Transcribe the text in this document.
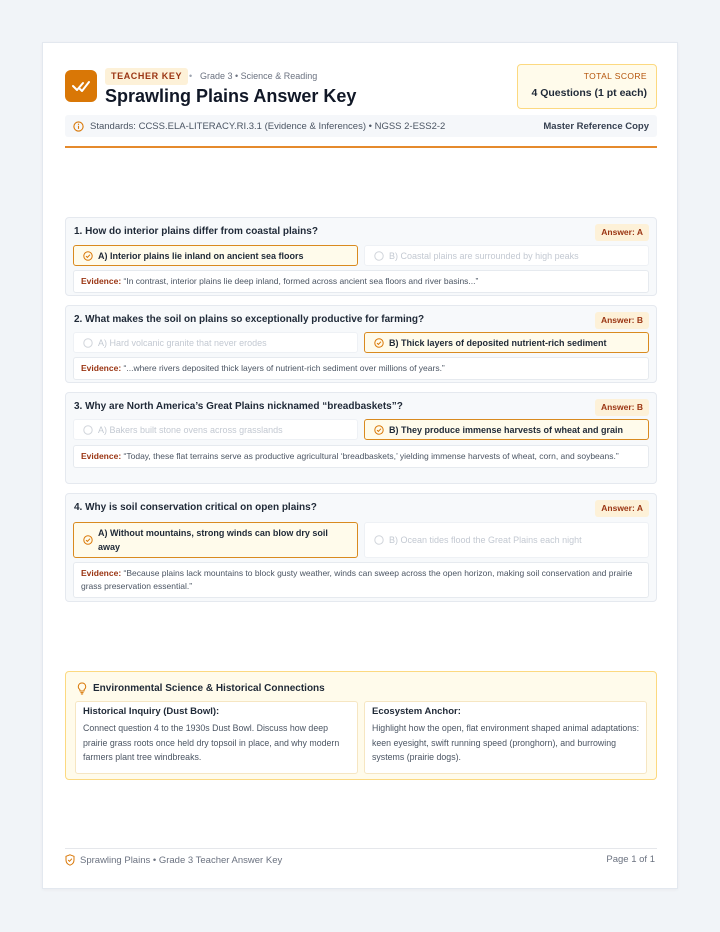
TEACHER KEY • Grade 3 • Science & Reading
Sprawling Plains Answer Key
TOTAL SCORE
4 Questions (1 pt each)
Standards: CCSS.ELA-LITERACY.RI.3.1 (Evidence & Inferences) • NGSS 2-ESS2-2	Master Reference Copy
1. How do interior plains differ from coastal plains?	Answer: A
A) Interior plains lie inland on ancient sea floors	B) Coastal plains are surrounded by high peaks
Evidence: “In contrast, interior plains lie deep inland, formed across ancient sea floors and river basins...”
2. What makes the soil on plains so exceptionally productive for farming?	Answer: B
A) Hard volcanic granite that never erodes	B) Thick layers of deposited nutrient-rich sediment
Evidence: “...where rivers deposited thick layers of nutrient-rich sediment over millions of years.”
3. Why are North America’s Great Plains nicknamed “breadbaskets”?	Answer: B
A) Bakers built stone ovens across grasslands	B) They produce immense harvests of wheat and grain
Evidence: “Today, these flat terrains serve as productive agricultural ‘breadbaskets,’ yielding immense harvests of wheat, corn, and soybeans.”
4. Why is soil conservation critical on open plains?	Answer: A
A) Without mountains, strong winds can blow dry soil away
B) Ocean tides flood the Great Plains each night
Evidence: “Because plains lack mountains to block gusty weather, winds can sweep across the open horizon, making soil conservation and prairie grass preservation essential.”
Environmental Science & Historical Connections
Historical Inquiry (Dust Bowl):
Connect question 4 to the 1930s Dust Bowl. Discuss how deep prairie grass roots once held dry topsoil in place, and why modern farmers plant tree windbreaks.
Ecosystem Anchor:
Highlight how the open, flat environment shaped animal adaptations: keen eyesight, swift running speed (pronghorn), and burrowing systems (prairie dogs).
Sprawling Plains • Grade 3 Teacher Answer Key	Page 1 of 1
